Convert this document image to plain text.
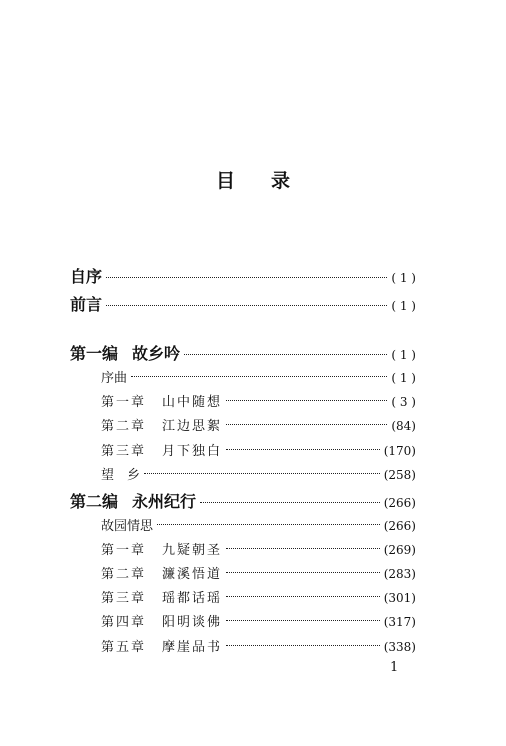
目 录
自序	( 1 )
前言	( 1 )
第一编 故乡吟	( 1 )
序曲	( 1 )
第一章 山中随想	( 3 )
第二章 江边思絮	(84)
第三章 月下独白	(170)
望　乡	(258)
第二编 永州纪行	(266)
故园情思	(266)
第一章 九疑朝圣	(269)
第二章 濂溪悟道	(283)
第三章 瑶都话瑶	(301)
第四章 阳明谈佛	(317)
第五章 摩崖品书	(338)
1
